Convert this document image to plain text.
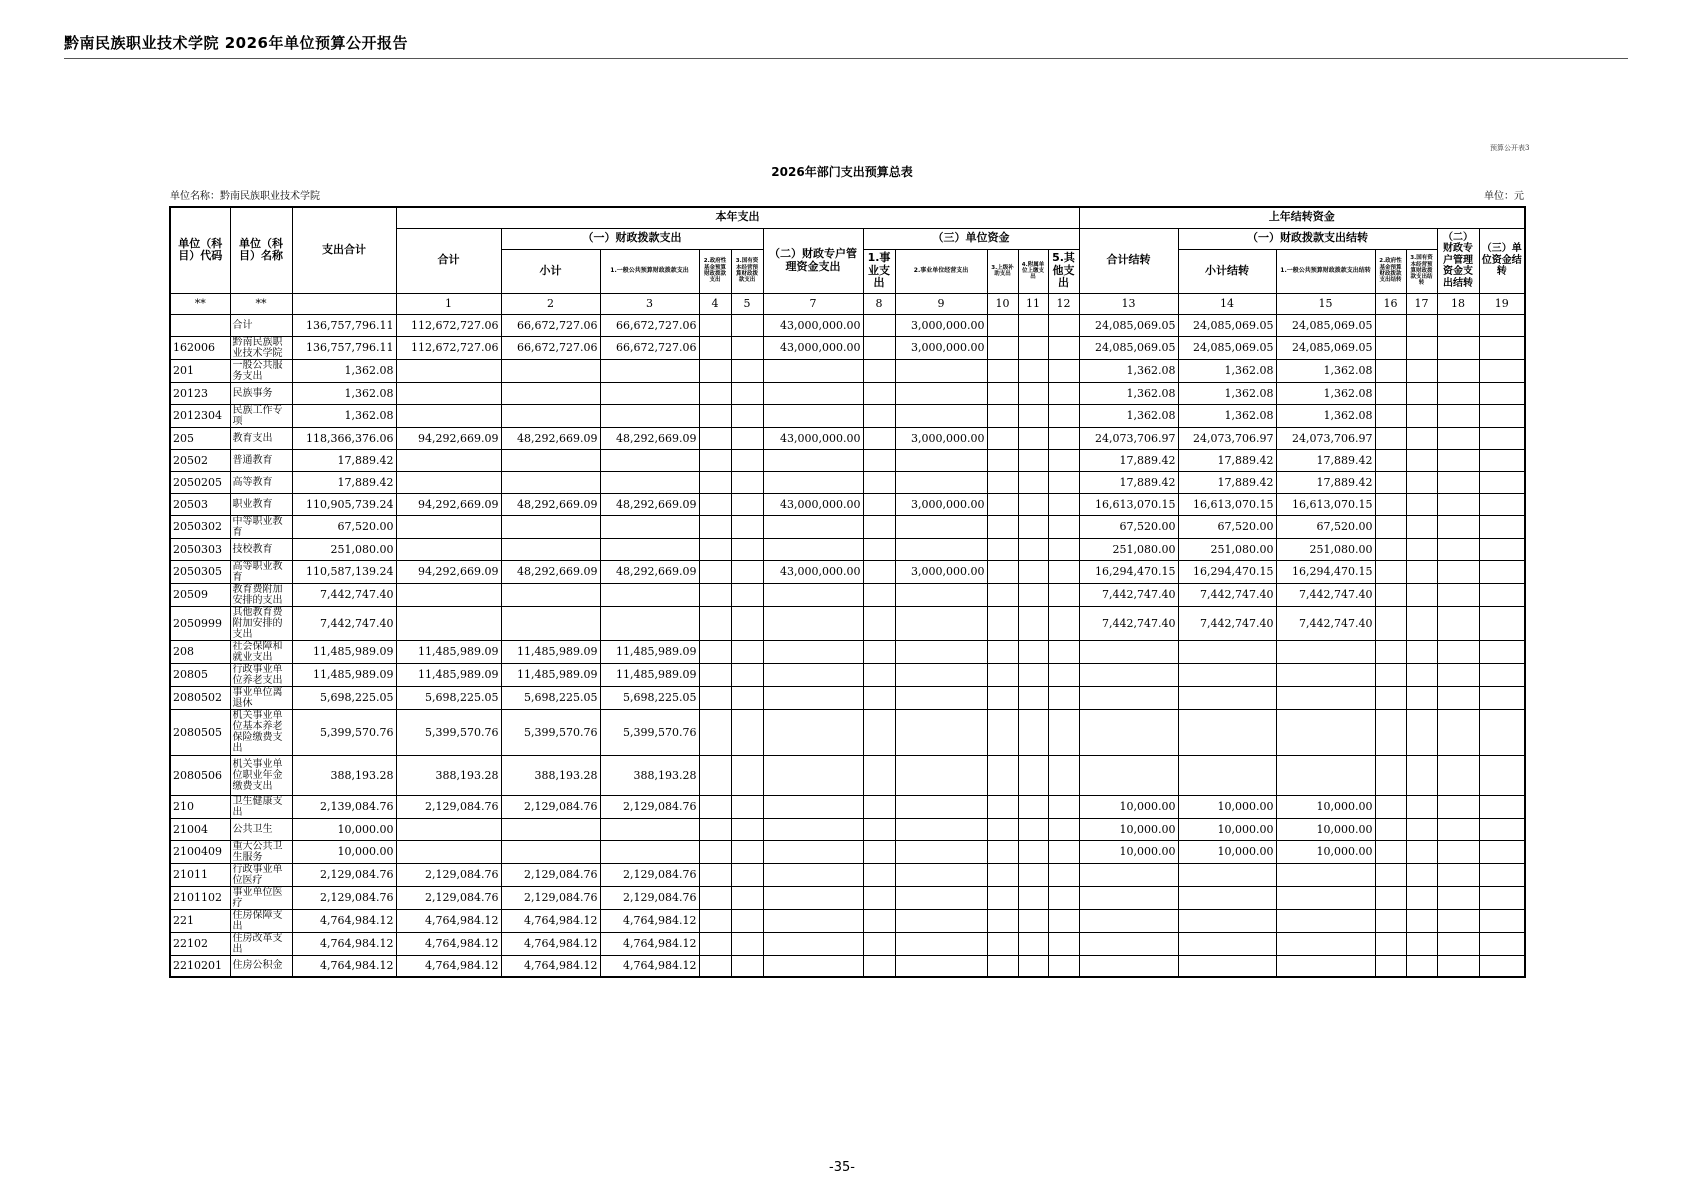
黔南民族职业技术学院 2026年单位预算公开报告
预算公开表3
2026年部门支出预算总表
单位名称：黔南民族职业技术学院	单位：元
单位（科目）代码	单位（科目）名称	支出合计	本年支出											上年结转资金						
			合计	（一）财政拨款支出				（二）财政专户管理资金支出	（三）单位资金					合计结转	（一）财政拨款支出结转				（二）财政专户管理资金支出结转	（三）单位资金结转
				小计	1.一般公共预算财政拨款支出	2.政府性基金预算财政拨款支出	3.国有资本经营预算财政拨款支出		1.事业支出	2.事业单位经营支出	3.上级补助支出	4.附属单位上缴支出	5.其他支出		小计结转	1.一般公共预算财政拨款支出结转	2.政府性基金预算财政拨款支出结转	3.国有资本经营预算财政拨款支出结转		
**	**		1	2	3	4	5	7	8	9	10	11	12	13	14	15	16	17	18	19
	合计	136,757,796.11	112,672,727.06	66,672,727.06	66,672,727.06			43,000,000.00		3,000,000.00				24,085,069.05	24,085,069.05	24,085,069.05				
162006	黔南民族职业技术学院	136,757,796.11	112,672,727.06	66,672,727.06	66,672,727.06			43,000,000.00		3,000,000.00				24,085,069.05	24,085,069.05	24,085,069.05				
201	一般公共服务支出	1,362.08												1,362.08	1,362.08	1,362.08				
20123	民族事务	1,362.08												1,362.08	1,362.08	1,362.08				
2012304	民族工作专项	1,362.08												1,362.08	1,362.08	1,362.08				
205	教育支出	118,366,376.06	94,292,669.09	48,292,669.09	48,292,669.09			43,000,000.00		3,000,000.00				24,073,706.97	24,073,706.97	24,073,706.97				
20502	普通教育	17,889.42												17,889.42	17,889.42	17,889.42				
2050205	高等教育	17,889.42												17,889.42	17,889.42	17,889.42				
20503	职业教育	110,905,739.24	94,292,669.09	48,292,669.09	48,292,669.09			43,000,000.00		3,000,000.00				16,613,070.15	16,613,070.15	16,613,070.15				
2050302	中等职业教育	67,520.00												67,520.00	67,520.00	67,520.00				
2050303	技校教育	251,080.00												251,080.00	251,080.00	251,080.00				
2050305	高等职业教育	110,587,139.24	94,292,669.09	48,292,669.09	48,292,669.09			43,000,000.00		3,000,000.00				16,294,470.15	16,294,470.15	16,294,470.15				
20509	教育费附加安排的支出	7,442,747.40												7,442,747.40	7,442,747.40	7,442,747.40				
2050999	其他教育费附加安排的支出	7,442,747.40												7,442,747.40	7,442,747.40	7,442,747.40				
208	社会保障和就业支出	11,485,989.09	11,485,989.09	11,485,989.09	11,485,989.09															
20805	行政事业单位养老支出	11,485,989.09	11,485,989.09	11,485,989.09	11,485,989.09															
2080502	事业单位离退休	5,698,225.05	5,698,225.05	5,698,225.05	5,698,225.05															
2080505	机关事业单位基本养老保险缴费支出	5,399,570.76	5,399,570.76	5,399,570.76	5,399,570.76															
2080506	机关事业单位职业年金缴费支出	388,193.28	388,193.28	388,193.28	388,193.28															
210	卫生健康支出	2,139,084.76	2,129,084.76	2,129,084.76	2,129,084.76									10,000.00	10,000.00	10,000.00				
21004	公共卫生	10,000.00												10,000.00	10,000.00	10,000.00				
2100409	重大公共卫生服务	10,000.00												10,000.00	10,000.00	10,000.00				
21011	行政事业单位医疗	2,129,084.76	2,129,084.76	2,129,084.76	2,129,084.76															
2101102	事业单位医疗	2,129,084.76	2,129,084.76	2,129,084.76	2,129,084.76															
221	住房保障支出	4,764,984.12	4,764,984.12	4,764,984.12	4,764,984.12															
22102	住房改革支出	4,764,984.12	4,764,984.12	4,764,984.12	4,764,984.12															
2210201	住房公积金	4,764,984.12	4,764,984.12	4,764,984.12	4,764,984.12															
-35-
